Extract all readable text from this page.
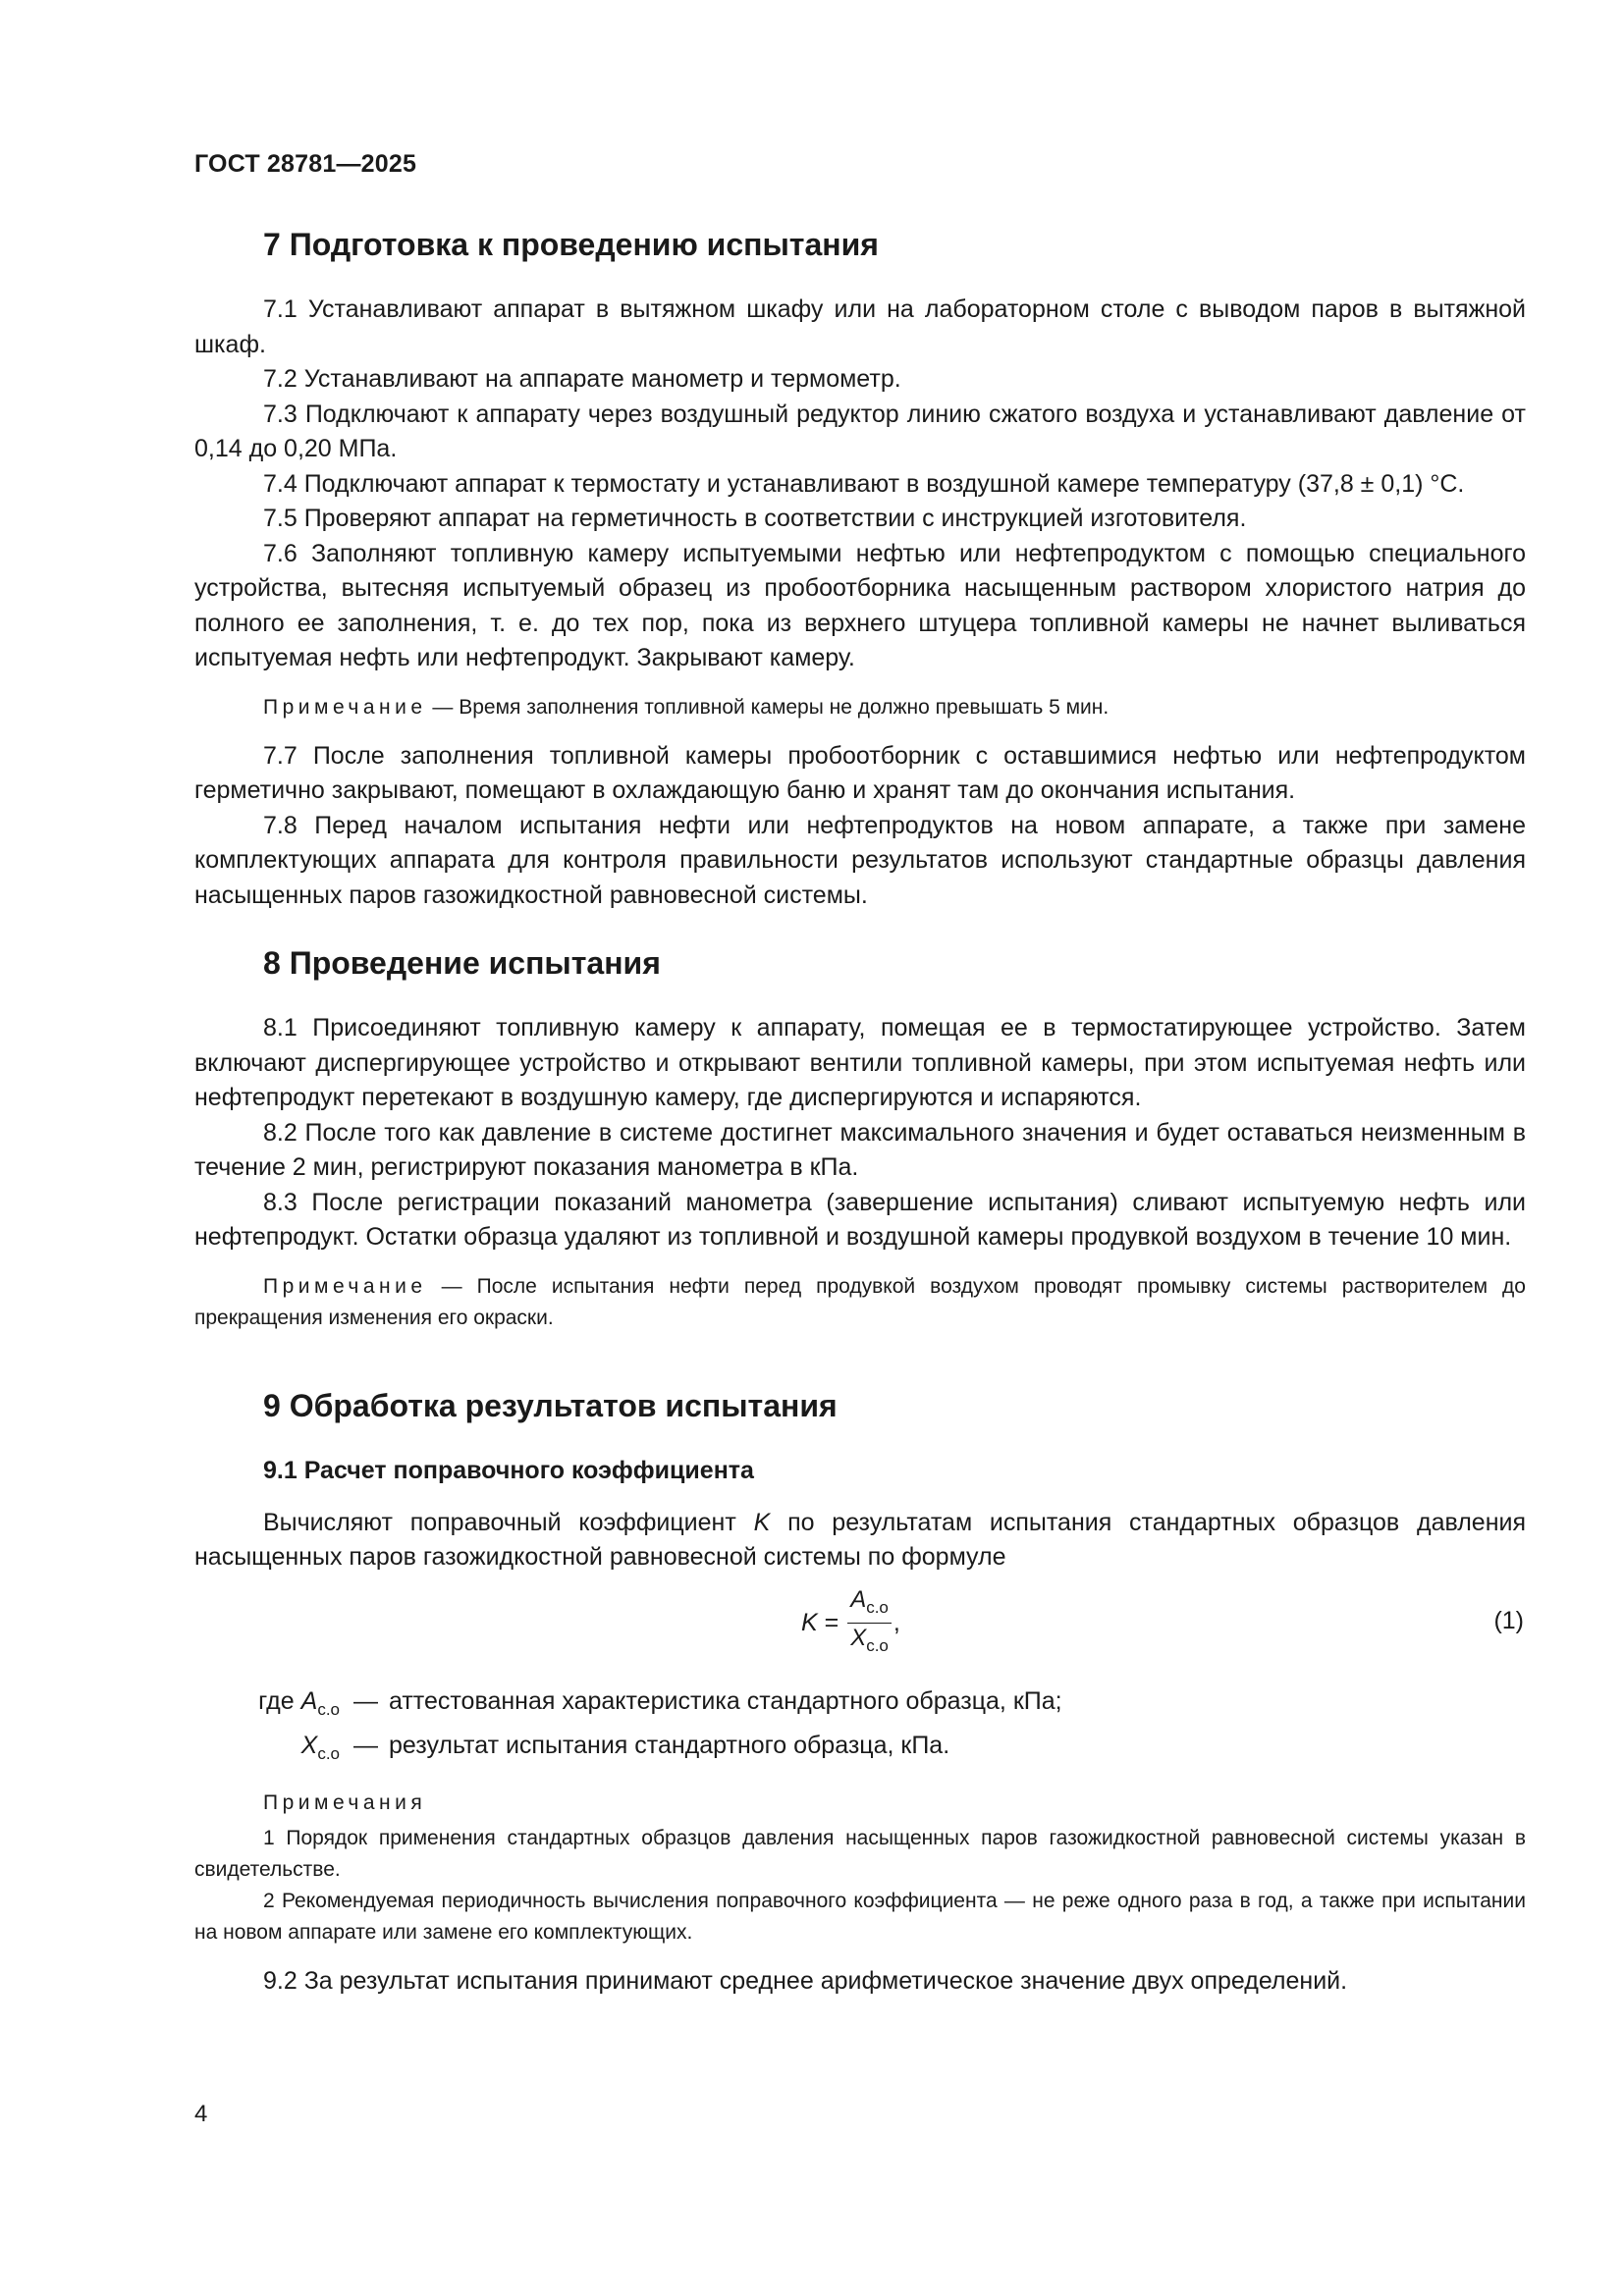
ГОСТ 28781—2025
7 Подготовка к проведению испытания

7.1 Устанавливают аппарат в вытяжном шкафу или на лабораторном столе с выводом паров в вытяжной шкаф.

7.2 Устанавливают на аппарате манометр и термометр.

7.3 Подключают к аппарату через воздушный редуктор линию сжатого воздуха и устанавливают давление от 0,14 до 0,20 МПа.

7.4 Подключают аппарат к термостату и устанавливают в воздушной камере температуру (37,8 ± 0,1) °С.

7.5 Проверяют аппарат на герметичность в соответствии с инструкцией изготовителя.

7.6 Заполняют топливную камеру испытуемыми нефтью или нефтепродуктом с помощью специального устройства, вытесняя испытуемый образец из пробоотборника насыщенным раствором хлористого натрия до полного ее заполнения, т. е. до тех пор, пока из верхнего штуцера топливной камеры не начнет выливаться испытуемая нефть или нефтепродукт. Закрывают камеру.

Примечание — Время заполнения топливной камеры не должно превышать 5 мин.

7.7 После заполнения топливной камеры пробоотборник с оставшимися нефтью или нефтепродуктом герметично закрывают, помещают в охлаждающую баню и хранят там до окончания испытания.

7.8 Перед началом испытания нефти или нефтепродуктов на новом аппарате, а также при замене комплектующих аппарата для контроля правильности результатов используют стандартные образцы давления насыщенных паров газожидкостной равновесной системы.

8 Проведение испытания

8.1 Присоединяют топливную камеру к аппарату, помещая ее в термостатирующее устройство. Затем включают диспергирующее устройство и открывают вентили топливной камеры, при этом испытуемая нефть или нефтепродукт перетекают в воздушную камеру, где диспергируются и испаряются.

8.2 После того как давление в системе достигнет максимального значения и будет оставаться неизменным в течение 2 мин, регистрируют показания манометра в кПа.

8.3 После регистрации показаний манометра (завершение испытания) сливают испытуемую нефть или нефтепродукт. Остатки образца удаляют из топливной и воздушной камеры продувкой воздухом в течение 10 мин.

Примечание — После испытания нефти перед продувкой воздухом проводят промывку системы растворителем до прекращения изменения его окраски.

9 Обработка результатов испытания
9.1 Расчет поправочного коэффициента

Вычисляют поправочный коэффициент K по результатам испытания стандартных образцов давления насыщенных паров газожидкостной равновесной системы по формуле

$K = \frac{A_{с.о}}{X_{с.о}}$ ,	(1)
где $A_{с.о}$ — аттестованная характеристика стандартного образца, кПа;
$X_{с.о}$ — результат испытания стандартного образца, кПа.

Примечания

1 Порядок применения стандартных образцов давления насыщенных паров газожидкостной равновесной системы указан в свидетельстве.

2 Рекомендуемая периодичность вычисления поправочного коэффициента — не реже одного раза в год, а также при испытании на новом аппарате или замене его комплектующих.

9.2 За результат испытания принимают среднее арифметическое значение двух определений.

4
